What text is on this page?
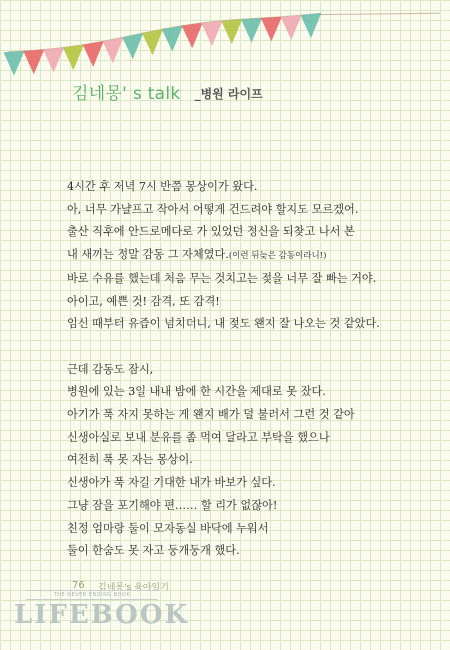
김네몽' s talk _병원 라이프
4시간 후 저녁 7시 반쯤 몽상이가 왔다.
아, 너무 가냘프고 작아서 어떻게 건드려야 할지도 모르겠어.
출산 직후에 안드로메다로 가 있었던 정신을 되찾고 나서 본
내 새끼는 정말 감동 그 자체였다.(이런 뒤늦은 감동이라니!)
바로 수유를 했는데 처음 무는 것치고는 젖을 너무 잘 빠는 거야.
아이고, 예쁜 것! 감격, 또 감격!
임신 때부터 유즙이 넘치더니, 내 젖도 왠지 잘 나오는 것 같았다.
근데 감동도 잠시,
병원에 있는 3일 내내 밤에 한 시간을 제대로 못 잤다.
아기가 푹 자지 못하는 게 왠지 배가 덜 불러서 그런 것 같아
신생아실로 보내 분유를 좀 먹여 달라고 부탁을 했으나
여전히 푹 못 자는 몽상이.
신생아가 푹 자길 기대한 내가 바보가 싶다.
그냥 잠을 포기해야 편…… 할 리가 없잖아!
친정 엄마랑 둘이 모자동실 바닥에 누워서
둘이 한숨도 못 자고 둥개둥개 했다.
76 김네몽's 육아일기
THE NEVER ENDING BOOK
LIFEBOOK
